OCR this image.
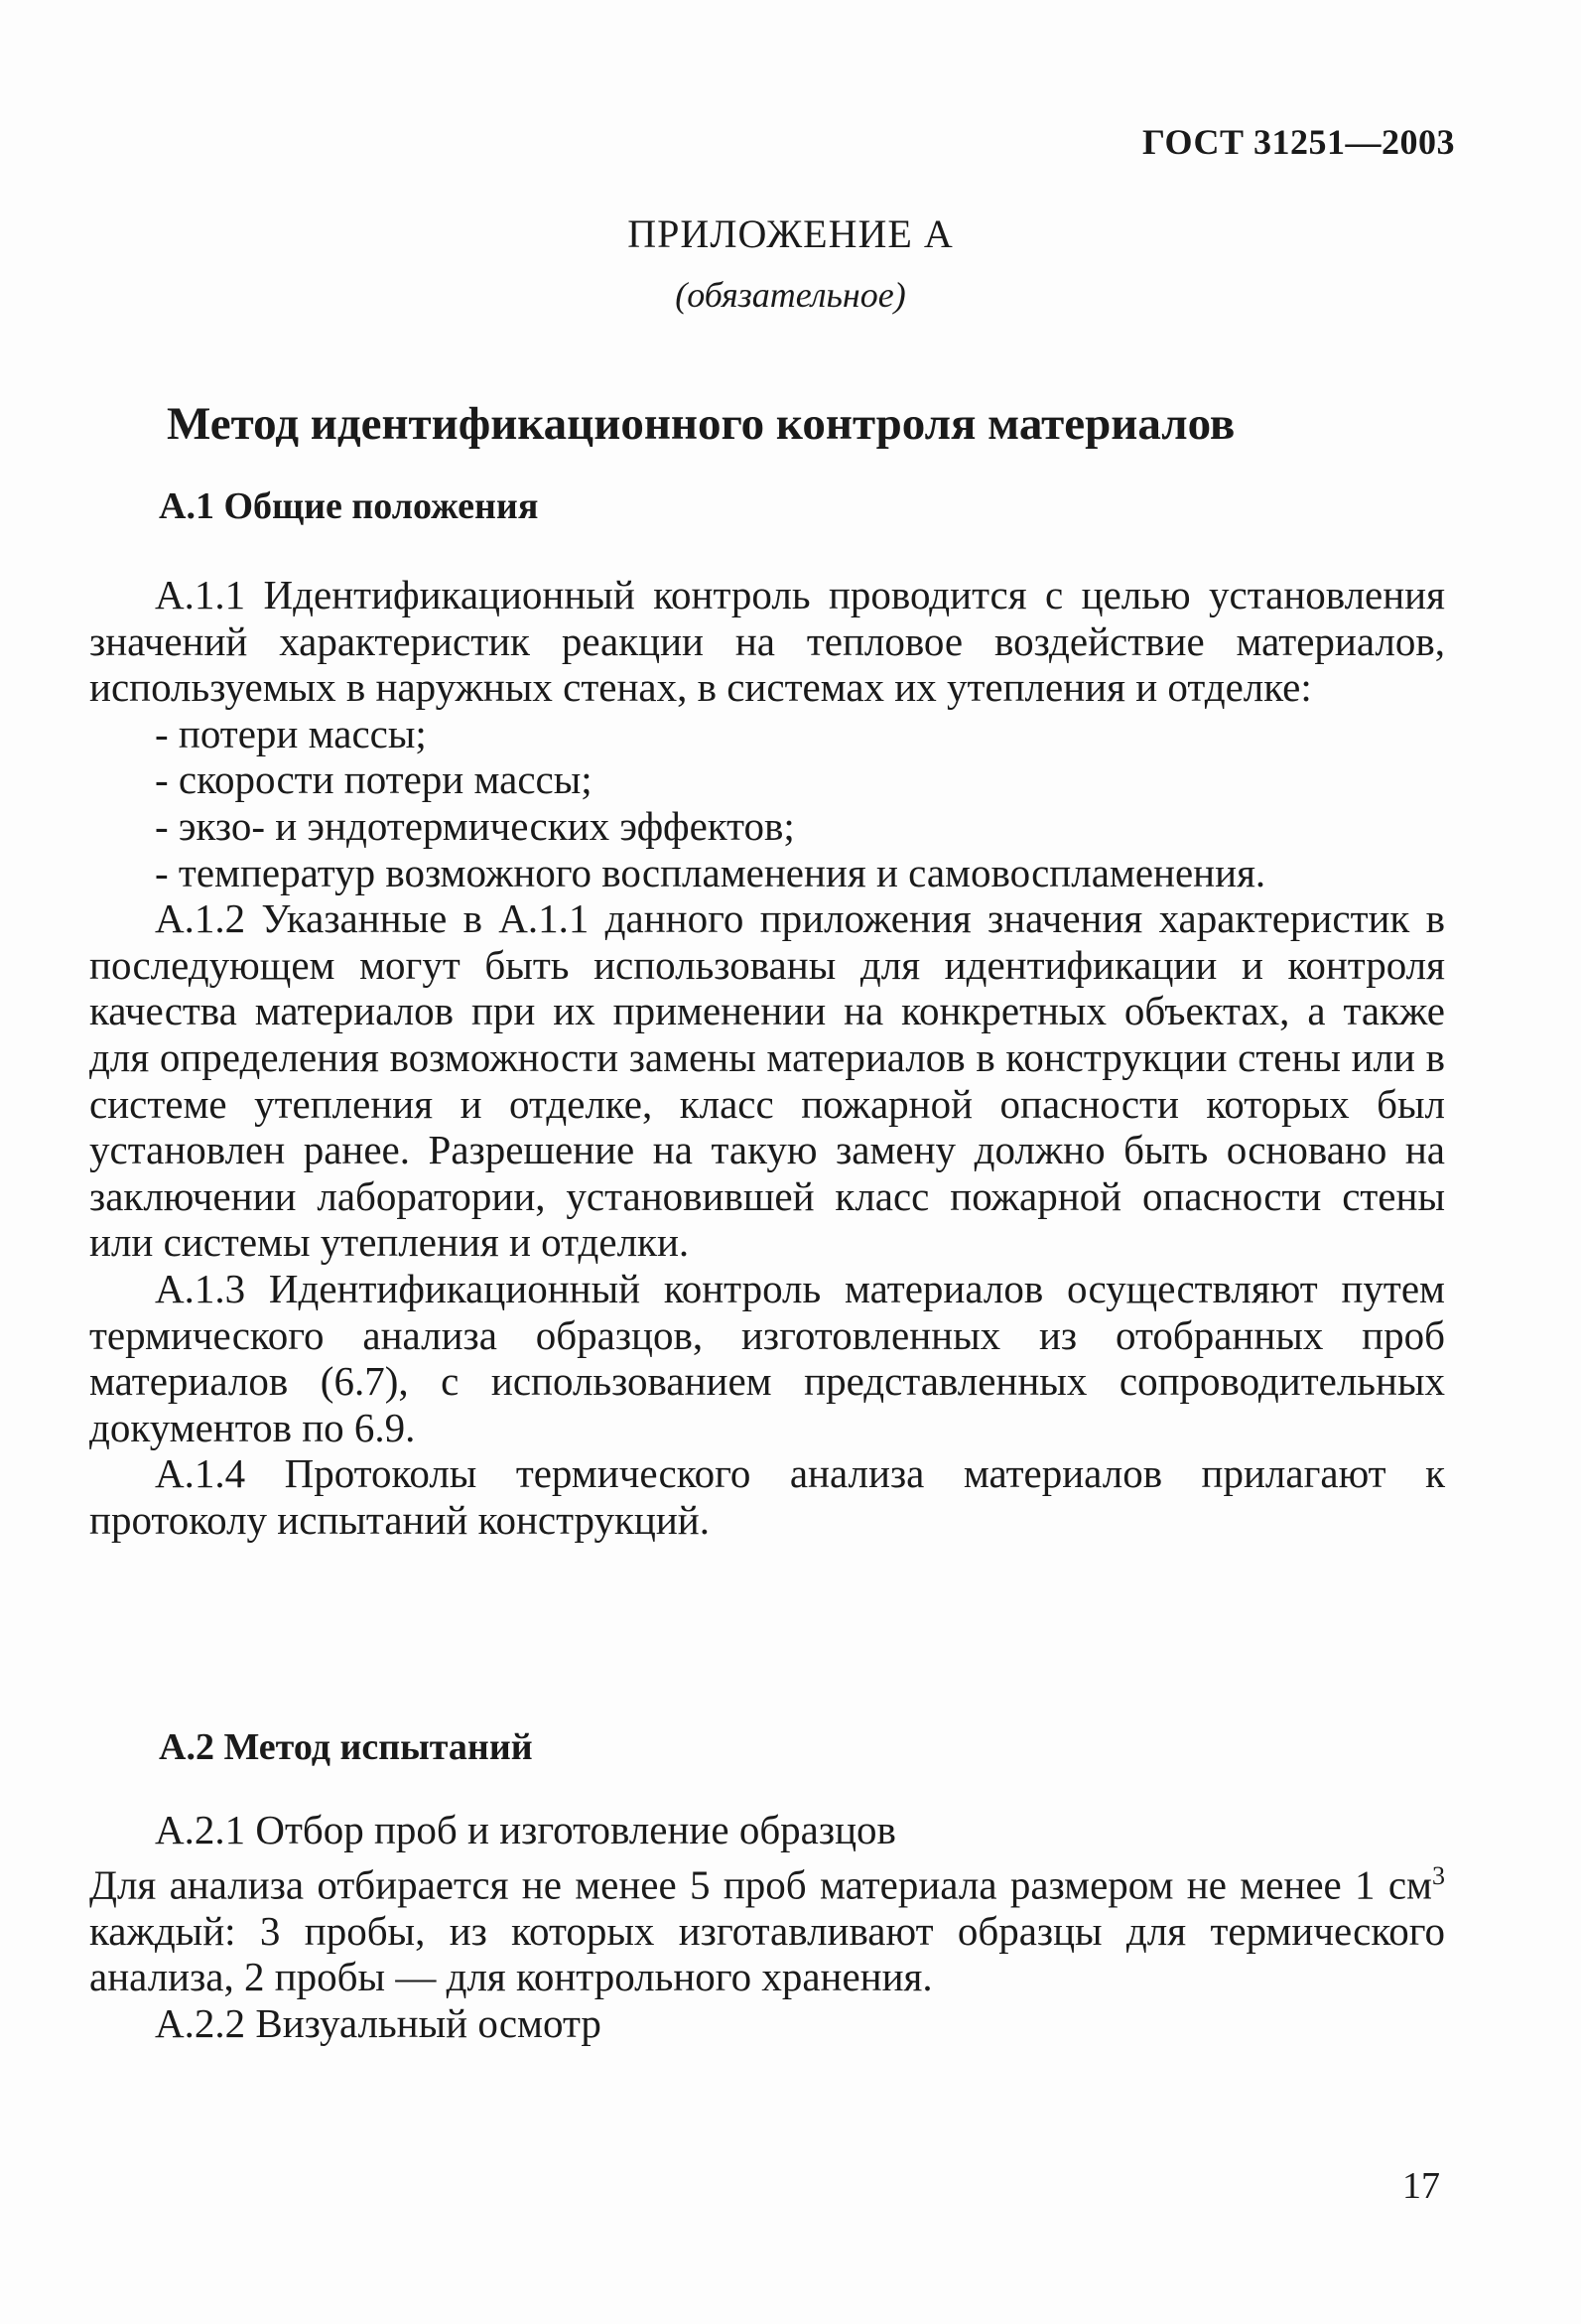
ГОСТ 31251—2003
ПРИЛОЖЕНИЕ А
(обязательное)
Метод идентификационного контроля материалов
А.1 Общие положения

А.1.1 Идентификационный контроль проводится с целью установления значений характеристик реакции на тепловое воздействие материалов, используемых в наружных стенах, в системах их утепления и отделке:

- потери массы;

- скорости потери массы;

- экзо- и эндотермических эффектов;

- температур возможного воспламенения и самовоспламенения.

А.1.2 Указанные в А.1.1 данного приложения значения характеристик в последующем могут быть использованы для идентификации и контроля качества материалов при их применении на конкретных объектах, а также для определения возможности замены материалов в конструкции стены или в системе утепления и отделке, класс пожарной опасности которых был установлен ранее. Разрешение на такую замену должно быть основано на заключении лаборатории, установившей класс пожарной опасности стены или системы утепления и отделки.

А.1.3 Идентификационный контроль материалов осуществляют путем термического анализа образцов, изготовленных из отобранных проб материалов (6.7), с использованием представленных сопроводительных документов по 6.9.

А.1.4 Протоколы термического анализа материалов прилагают к протоколу испытаний конструкций.

А.2 Метод испытаний

А.2.1 Отбор проб и изготовление образцов

Для анализа отбирается не менее 5 проб материала размером не менее 1 $см^3$ каждый: 3 пробы, из которых изготавливают образцы для термического анализа, 2 пробы — для контрольного хранения.

А.2.2 Визуальный осмотр

17
